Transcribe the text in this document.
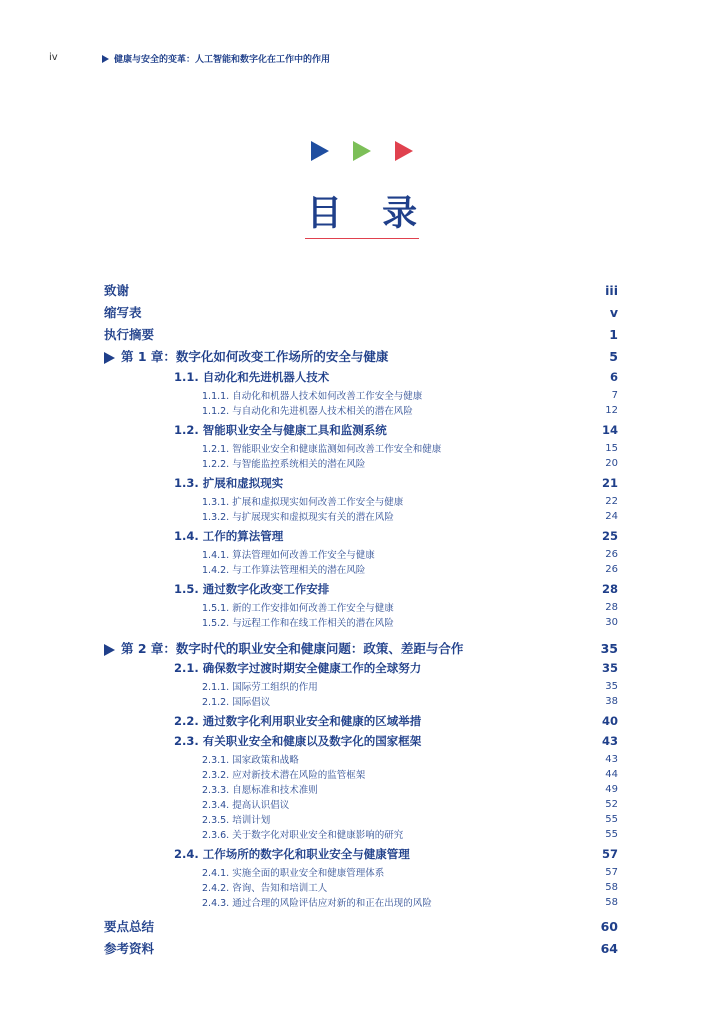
iv	健康与安全的变革：人工智能和数字化在工作中的作用
目 录
致谢	iii
缩写表	v
执行摘要	1
第 1 章：数字化如何改变工作场所的安全与健康	5
1.1. 自动化和先进机器人技术	6
1.1.1. 自动化和机器人技术如何改善工作安全与健康	7
1.1.2. 与自动化和先进机器人技术相关的潜在风险	12
1.2. 智能职业安全与健康工具和监测系统	14
1.2.1. 智能职业安全和健康监测如何改善工作安全和健康	15
1.2.2. 与智能监控系统相关的潜在风险	20
1.3. 扩展和虚拟现实	21
1.3.1. 扩展和虚拟现实如何改善工作安全与健康	22
1.3.2. 与扩展现实和虚拟现实有关的潜在风险	24
1.4. 工作的算法管理	25
1.4.1. 算法管理如何改善工作安全与健康	26
1.4.2. 与工作算法管理相关的潜在风险	26
1.5. 通过数字化改变工作安排	28
1.5.1. 新的工作安排如何改善工作安全与健康	28
1.5.2. 与远程工作和在线工作相关的潜在风险	30
第 2 章：数字时代的职业安全和健康问题：政策、差距与合作	35
2.1. 确保数字过渡时期安全健康工作的全球努力	35
2.1.1. 国际劳工组织的作用	35
2.1.2. 国际倡议	38
2.2. 通过数字化利用职业安全和健康的区域举措	40
2.3. 有关职业安全和健康以及数字化的国家框架	43
2.3.1. 国家政策和战略	43
2.3.2. 应对新技术潜在风险的监管框架	44
2.3.3. 自愿标准和技术准则	49
2.3.4. 提高认识倡议	52
2.3.5. 培训计划	55
2.3.6. 关于数字化对职业安全和健康影响的研究	55
2.4. 工作场所的数字化和职业安全与健康管理	57
2.4.1. 实施全面的职业安全和健康管理体系	57
2.4.2. 咨询、告知和培训工人	58
2.4.3. 通过合理的风险评估应对新的和正在出现的风险	58
要点总结	60
参考资料	64
